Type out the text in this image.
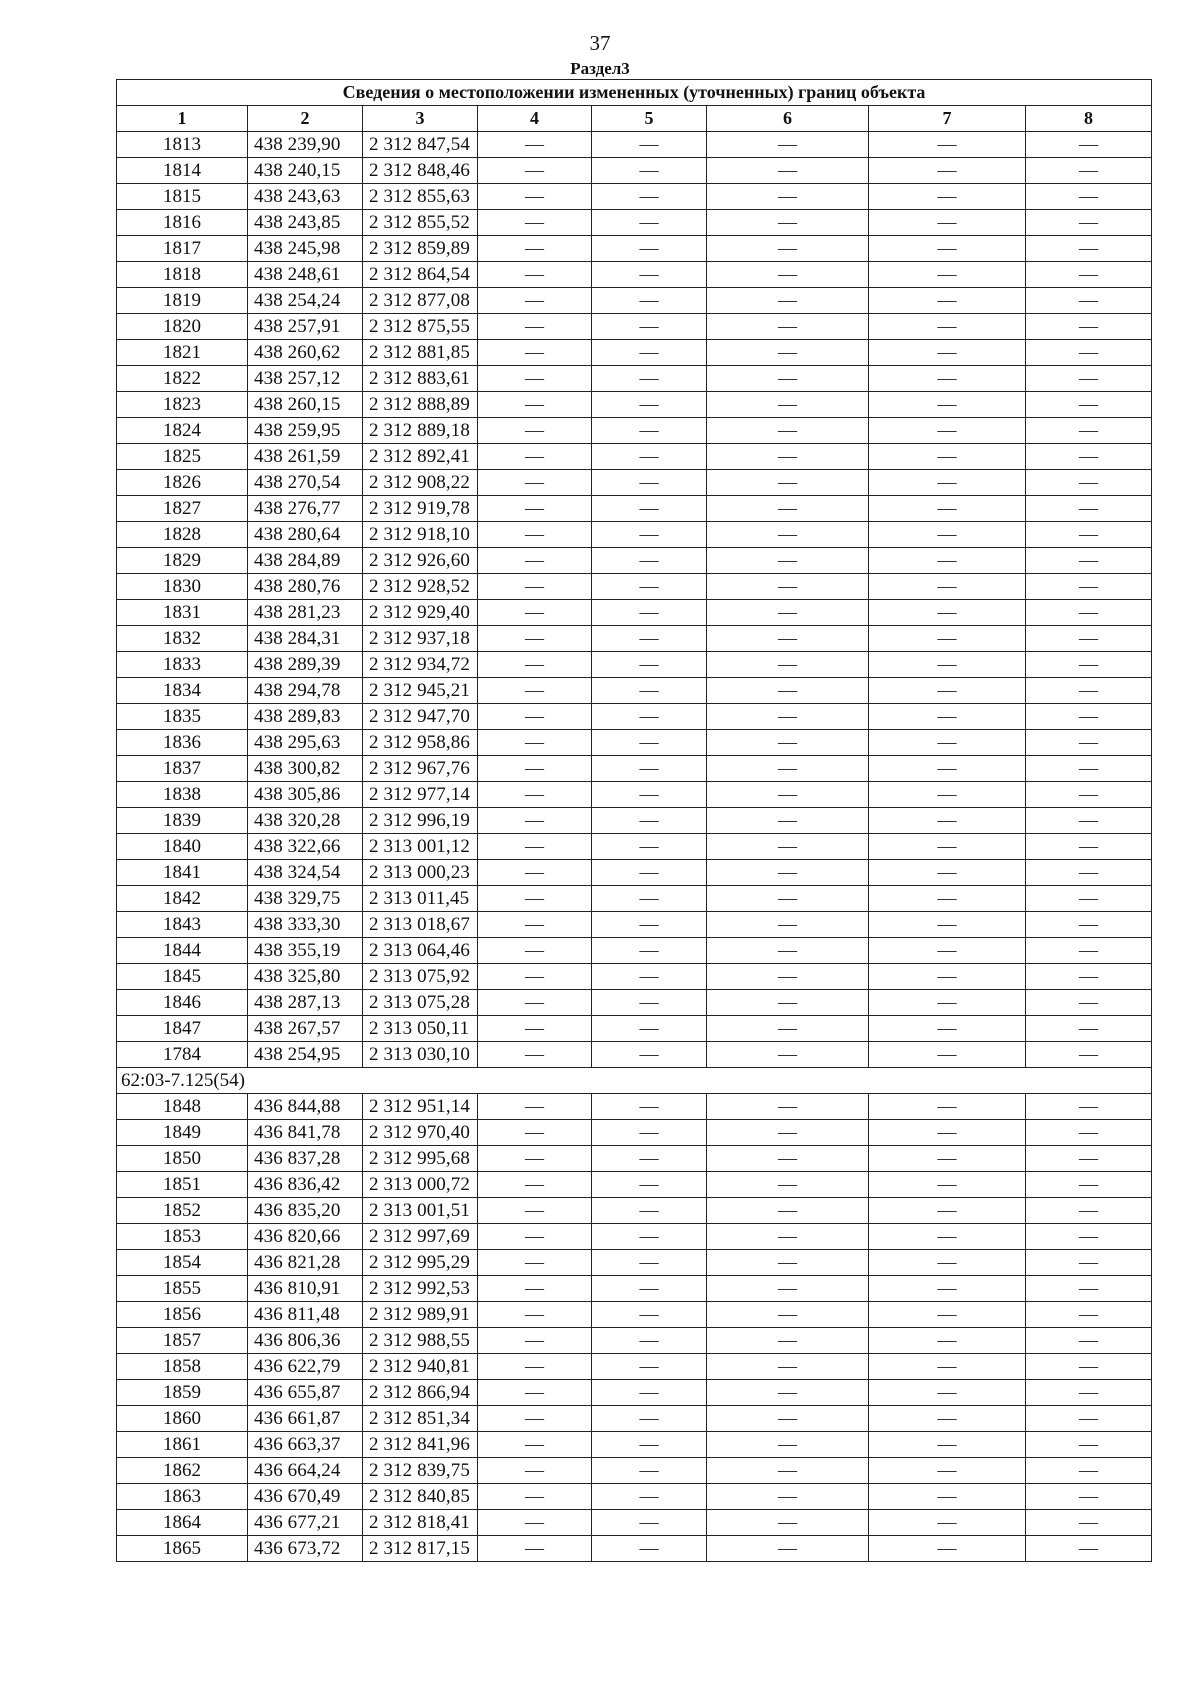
37
Раздел3
Сведения о местоположении измененных (уточненных) границ объекта							
1	2	3	4	5	6	7	8
1813	438 239,90	2 312 847,54	—	—	—	—	—
1814	438 240,15	2 312 848,46	—	—	—	—	—
1815	438 243,63	2 312 855,63	—	—	—	—	—
1816	438 243,85	2 312 855,52	—	—	—	—	—
1817	438 245,98	2 312 859,89	—	—	—	—	—
1818	438 248,61	2 312 864,54	—	—	—	—	—
1819	438 254,24	2 312 877,08	—	—	—	—	—
1820	438 257,91	2 312 875,55	—	—	—	—	—
1821	438 260,62	2 312 881,85	—	—	—	—	—
1822	438 257,12	2 312 883,61	—	—	—	—	—
1823	438 260,15	2 312 888,89	—	—	—	—	—
1824	438 259,95	2 312 889,18	—	—	—	—	—
1825	438 261,59	2 312 892,41	—	—	—	—	—
1826	438 270,54	2 312 908,22	—	—	—	—	—
1827	438 276,77	2 312 919,78	—	—	—	—	—
1828	438 280,64	2 312 918,10	—	—	—	—	—
1829	438 284,89	2 312 926,60	—	—	—	—	—
1830	438 280,76	2 312 928,52	—	—	—	—	—
1831	438 281,23	2 312 929,40	—	—	—	—	—
1832	438 284,31	2 312 937,18	—	—	—	—	—
1833	438 289,39	2 312 934,72	—	—	—	—	—
1834	438 294,78	2 312 945,21	—	—	—	—	—
1835	438 289,83	2 312 947,70	—	—	—	—	—
1836	438 295,63	2 312 958,86	—	—	—	—	—
1837	438 300,82	2 312 967,76	—	—	—	—	—
1838	438 305,86	2 312 977,14	—	—	—	—	—
1839	438 320,28	2 312 996,19	—	—	—	—	—
1840	438 322,66	2 313 001,12	—	—	—	—	—
1841	438 324,54	2 313 000,23	—	—	—	—	—
1842	438 329,75	2 313 011,45	—	—	—	—	—
1843	438 333,30	2 313 018,67	—	—	—	—	—
1844	438 355,19	2 313 064,46	—	—	—	—	—
1845	438 325,80	2 313 075,92	—	—	—	—	—
1846	438 287,13	2 313 075,28	—	—	—	—	—
1847	438 267,57	2 313 050,11	—	—	—	—	—
1784	438 254,95	2 313 030,10	—	—	—	—	—
62:03-7.125(54)							
1848	436 844,88	2 312 951,14	—	—	—	—	—
1849	436 841,78	2 312 970,40	—	—	—	—	—
1850	436 837,28	2 312 995,68	—	—	—	—	—
1851	436 836,42	2 313 000,72	—	—	—	—	—
1852	436 835,20	2 313 001,51	—	—	—	—	—
1853	436 820,66	2 312 997,69	—	—	—	—	—
1854	436 821,28	2 312 995,29	—	—	—	—	—
1855	436 810,91	2 312 992,53	—	—	—	—	—
1856	436 811,48	2 312 989,91	—	—	—	—	—
1857	436 806,36	2 312 988,55	—	—	—	—	—
1858	436 622,79	2 312 940,81	—	—	—	—	—
1859	436 655,87	2 312 866,94	—	—	—	—	—
1860	436 661,87	2 312 851,34	—	—	—	—	—
1861	436 663,37	2 312 841,96	—	—	—	—	—
1862	436 664,24	2 312 839,75	—	—	—	—	—
1863	436 670,49	2 312 840,85	—	—	—	—	—
1864	436 677,21	2 312 818,41	—	—	—	—	—
1865	436 673,72	2 312 817,15	—	—	—	—	—
